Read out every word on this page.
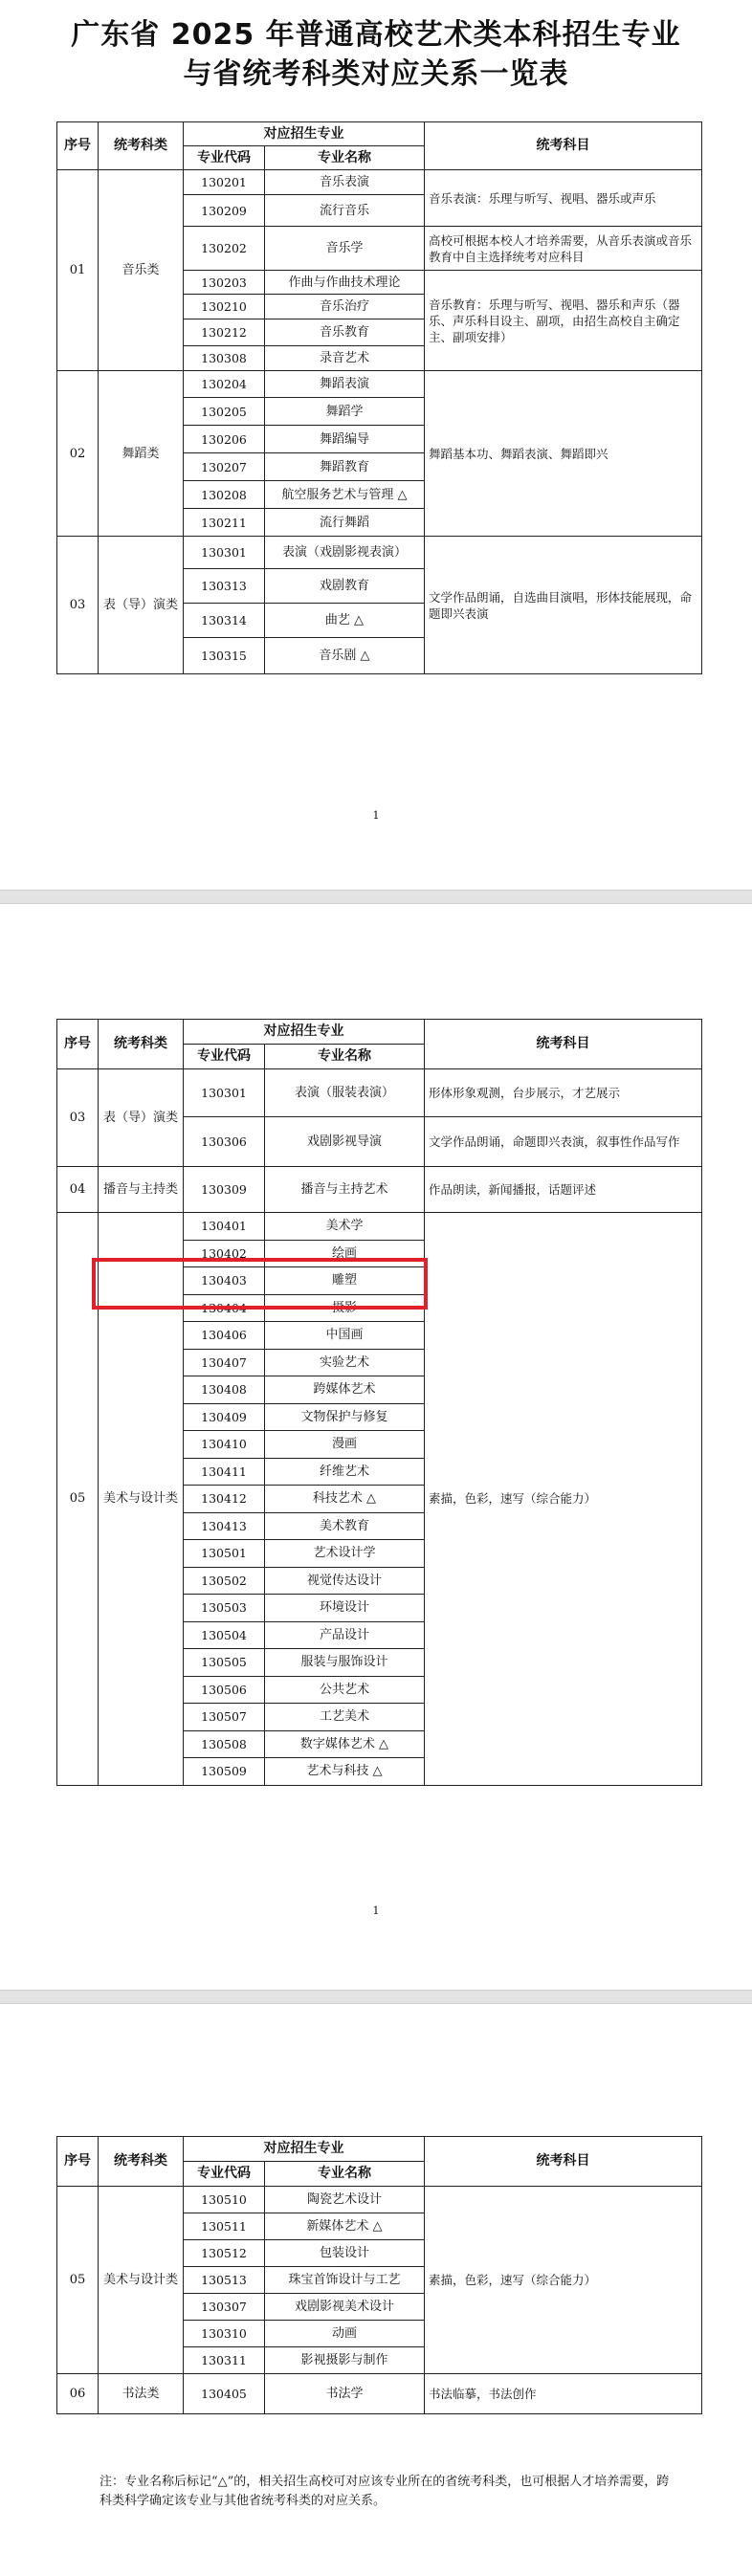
广东省 2025 年普通高校艺术类本科招生专业
与省统考科类对应关系一览表
序号	统考科类	对应招生专业		统考科目
		专业代码	专业名称	
01	音乐类	130201	音乐表演	音乐表演：乐理与听写、视唱、器乐或声乐
		130209	流行音乐	
		130202	音乐学	高校可根据本校人才培养需要，从音乐表演或音乐教育中自主选择统考对应科目
		130203	作曲与作曲技术理论	音乐教育：乐理与听写、视唱、器乐和声乐（器乐、声乐科目设主、副项，由招生高校自主确定主、副项安排）
		130210	音乐治疗	
		130212	音乐教育	
		130308	录音艺术	
02	舞蹈类	130204	舞蹈表演	舞蹈基本功、舞蹈表演、舞蹈即兴
		130205	舞蹈学	
		130206	舞蹈编导	
		130207	舞蹈教育	
		130208	航空服务艺术与管理 △	
		130211	流行舞蹈	
03	表（导）演类	130301	表演（戏剧影视表演）	文学作品朗诵，自选曲目演唱，形体技能展现，命题即兴表演
		130313	戏剧教育	
		130314	曲艺 △	
		130315	音乐剧 △	
1
序号	统考科类	对应招生专业		统考科目
		专业代码	专业名称	
03	表（导）演类	130301	表演（服装表演）	形体形象观测，台步展示，才艺展示
		130306	戏剧影视导演	文学作品朗诵，命题即兴表演，叙事性作品写作
04	播音与主持类	130309	播音与主持艺术	作品朗读，新闻播报，话题评述
05	美术与设计类	130401	美术学	素描，色彩，速写（综合能力）
		130402	绘画	
		130403	雕塑	
		130404	摄影	
		130406	中国画	
		130407	实验艺术	
		130408	跨媒体艺术	
		130409	文物保护与修复	
		130410	漫画	
		130411	纤维艺术	
		130412	科技艺术 △	
		130413	美术教育	
		130501	艺术设计学	
		130502	视觉传达设计	
		130503	环境设计	
		130504	产品设计	
		130505	服装与服饰设计	
		130506	公共艺术	
		130507	工艺美术	
		130508	数字媒体艺术 △	
		130509	艺术与科技 △	
1
序号	统考科类	对应招生专业		统考科目
		专业代码	专业名称	
05	美术与设计类	130510	陶瓷艺术设计	素描，色彩，速写（综合能力）
		130511	新媒体艺术 △	
		130512	包装设计	
		130513	珠宝首饰设计与工艺	
		130307	戏剧影视美术设计	
		130310	动画	
		130311	影视摄影与制作	
06	书法类	130405	书法学	书法临摹，书法创作
注：专业名称后标记“△”的，相关招生高校可对应该专业所在的省统考科类，也可根据人才培养需要，跨科类科学确定该专业与其他省统考科类的对应关系。
